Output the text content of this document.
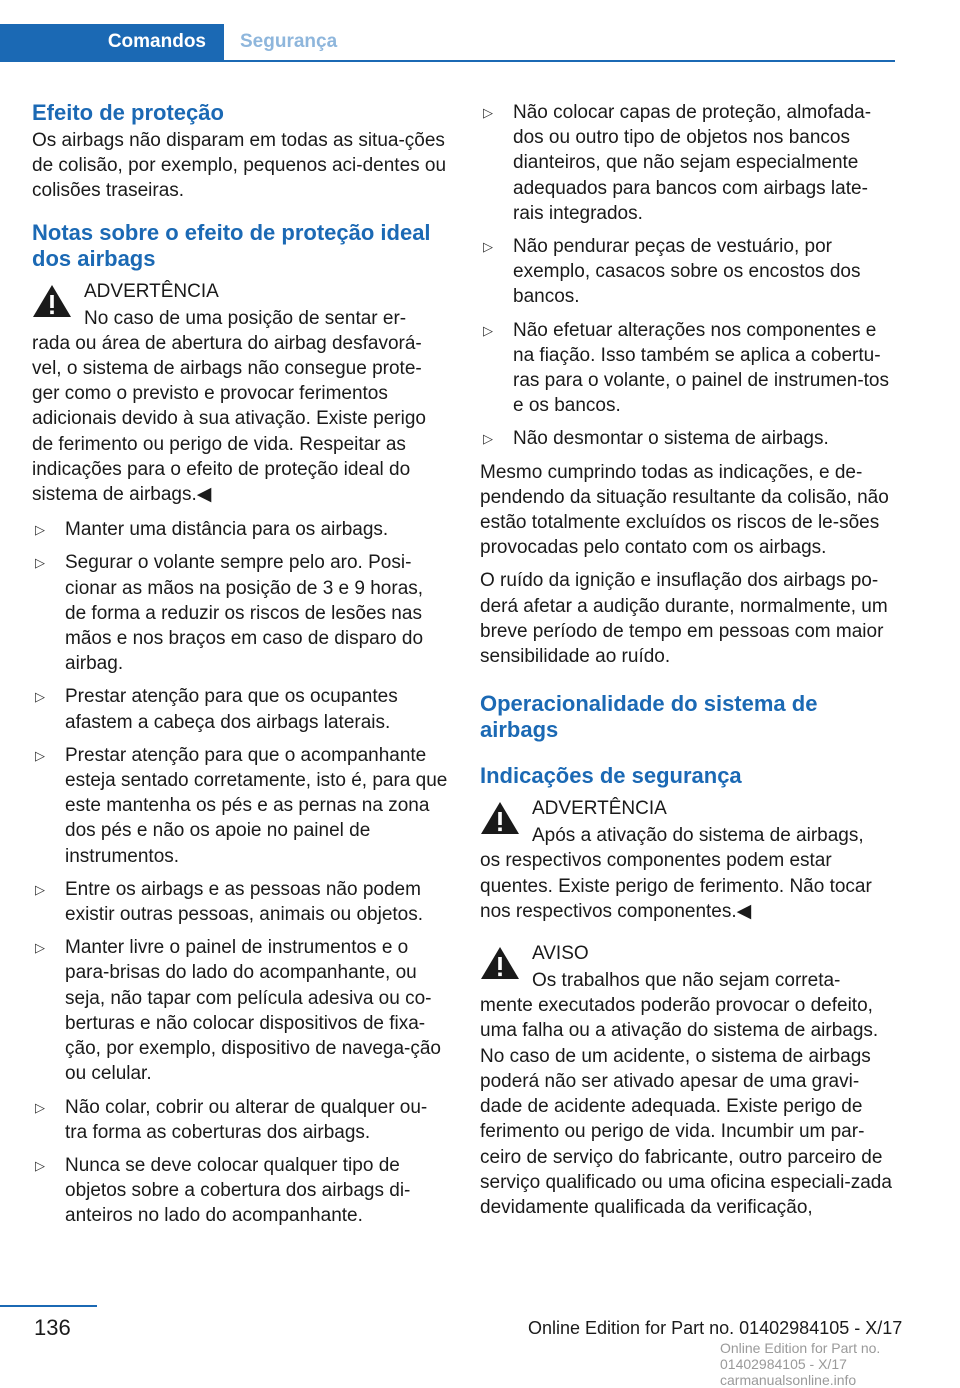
Comandos	Segurança
Efeito de proteção

Os airbags não disparam em todas as situa‐ções de colisão, por exemplo, pequenos aci‐dentes ou colisões traseiras.

Notas sobre o efeito de proteção ideal dos airbags
ADVERTÊNCIA
No caso de uma posição de sentar er‐
rada ou área de abertura do airbag desfavorá‐vel, o sistema de airbags não consegue prote‐ger como o previsto e provocar ferimentos adicionais devido à sua ativação. Existe perigo de ferimento ou perigo de vida. Respeitar as indicações para o efeito de proteção ideal do sistema de airbags.◀
▷ Manter uma distância para os airbags.
▷ Segurar o volante sempre pelo aro. Posi‐cionar as mãos na posição de 3 e 9 horas, de forma a reduzir os riscos de lesões nas mãos e nos braços em caso de disparo do airbag.
▷ Prestar atenção para que os ocupantes afastem a cabeça dos airbags laterais.
▷ Prestar atenção para que o acompanhante esteja sentado corretamente, isto é, para que este mantenha os pés e as pernas na zona dos pés e não os apoie no painel de instrumentos.
▷ Entre os airbags e as pessoas não podem existir outras pessoas, animais ou objetos.
▷ Manter livre o painel de instrumentos e o para-brisas do lado do acompanhante, ou seja, não tapar com película adesiva ou co‐berturas e não colocar dispositivos de fixa‐ção, por exemplo, dispositivo de navega‐ção ou celular.
▷ Não colar, cobrir ou alterar de qualquer ou‐tra forma as coberturas dos airbags.
▷ Nunca se deve colocar qualquer tipo de objetos sobre a cobertura dos airbags di‐anteiros no lado do acompanhante.
▷ Não colocar capas de proteção, almofada‐dos ou outro tipo de objetos nos bancos dianteiros, que não sejam especialmente adequados para bancos com airbags late‐rais integrados.
▷ Não pendurar peças de vestuário, por exemplo, casacos sobre os encostos dos bancos.
▷ Não efetuar alterações nos componentes e na fiação. Isso também se aplica a cobertu‐ras para o volante, o painel de instrumen‐tos e os bancos.
▷ Não desmontar o sistema de airbags.

Mesmo cumprindo todas as indicações, e de‐pendendo da situação resultante da colisão, não estão totalmente excluídos os riscos de le‐sões provocadas pelo contato com os airbags.

O ruído da ignição e insuflação dos airbags po‐derá afetar a audição durante, normalmente, um breve período de tempo em pessoas com maior sensibilidade ao ruído.

Operacionalidade do sistema de airbags
Indicações de segurança
ADVERTÊNCIA
Após a ativação do sistema de airbags,
os respectivos componentes podem estar quentes. Existe perigo de ferimento. Não tocar nos respectivos componentes.◀
AVISO
Os trabalhos que não sejam correta‐
mente executados poderão provocar o defeito, uma falha ou a ativação do sistema de airbags. No caso de um acidente, o sistema de airbags poderá não ser ativado apesar de uma gravi‐dade de acidente adequada. Existe perigo de ferimento ou perigo de vida. Incumbir um par‐ceiro de serviço do fabricante, outro parceiro de serviço qualificado ou uma oficina especiali‐zada devidamente qualificada da verificação,
136	Online Edition for Part no. 01402984105 - X/17
Online Edition for Part no. 01402984105 - X/17 carmanualsonline.info
